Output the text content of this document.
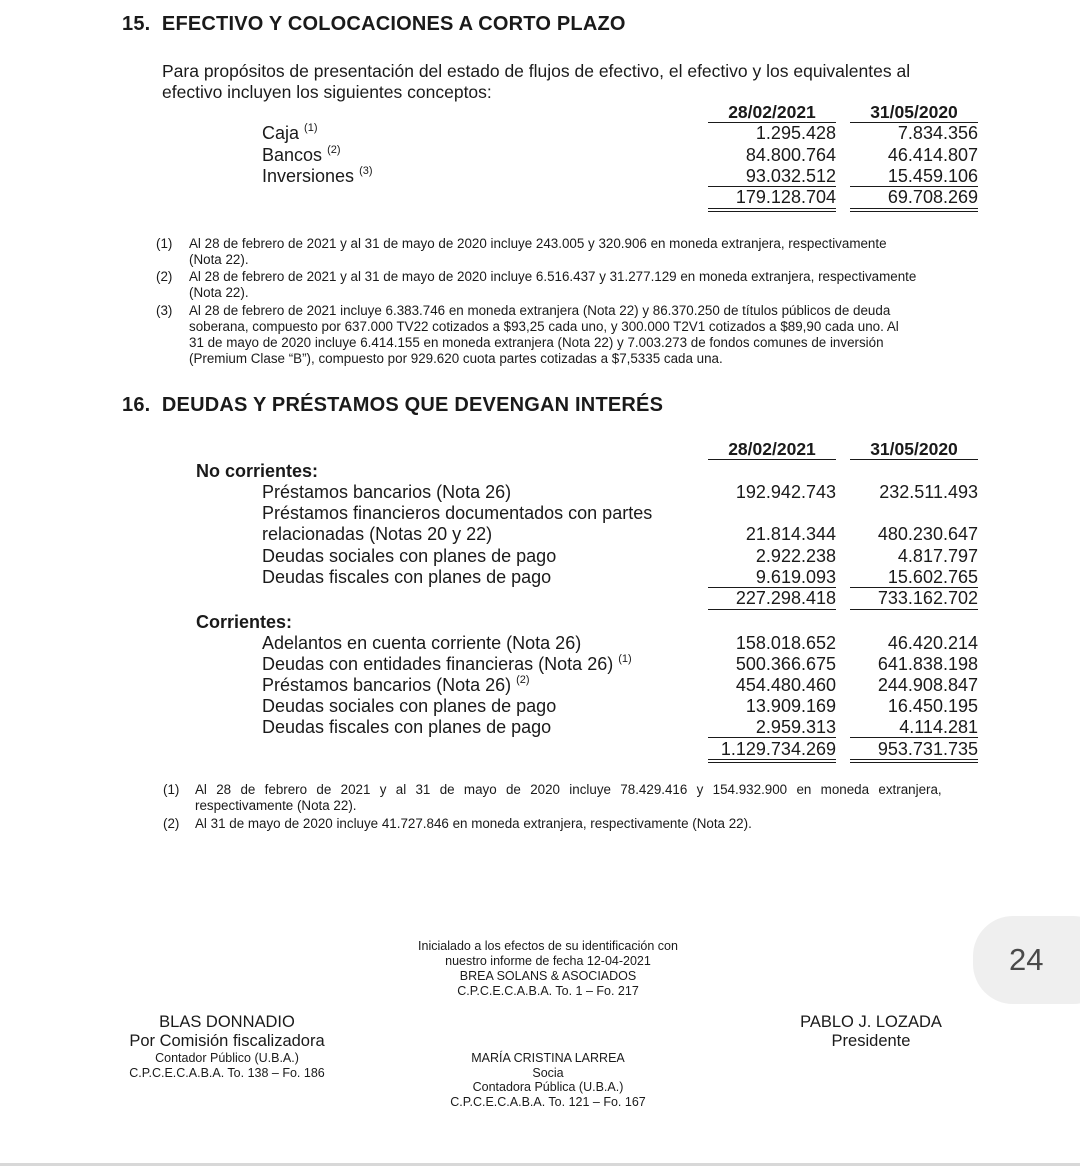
15.  EFECTIVO Y COLOCACIONES A CORTO PLAZO
Para propósitos de presentación del estado de flujos de efectivo, el efectivo y los equivalentes al
efectivo incluyen los siguientes conceptos:
28/02/2021	31/05/2020
Caja $^{(1)}$	1.295.428	7.834.356
Bancos $^{(2)}$	84.800.764	46.414.807
Inversiones $^{(3)}$	93.032.512	15.459.106
179.128.704	69.708.269
(1) Al 28 de febrero de 2021 y al 31 de mayo de 2020 incluye 243.005 y 320.906 en moneda extranjera, respectivamente
(Nota 22).
(2) Al 28 de febrero de 2021 y al 31 de mayo de 2020 incluye 6.516.437 y 31.277.129 en moneda extranjera, respectivamente
(Nota 22).
(3) Al 28 de febrero de 2021 incluye 6.383.746 en moneda extranjera (Nota 22) y 86.370.250 de títulos públicos de deuda
soberana, compuesto por 637.000 TV22 cotizados a $93,25 cada uno, y 300.000 T2V1 cotizados a $89,90 cada uno. Al
31 de mayo de 2020 incluye 6.414.155 en moneda extranjera (Nota 22) y 7.003.273 de fondos comunes de inversión
(Premium Clase “B”), compuesto por 929.620 cuota partes cotizadas a $7,5335 cada una.
16.  DEUDAS Y PRÉSTAMOS QUE DEVENGAN INTERÉS
28/02/2021	31/05/2020
No corrientes:
Préstamos bancarios (Nota 26)	192.942.743 232.511.493
Préstamos financieros documentados con partes
relacionadas (Notas 20 y 22)	21.814.344 480.230.647
Deudas sociales con planes de pago	2.922.238	4.817.797
Deudas fiscales con planes de pago	9.619.093	15.602.765
227.298.418 733.162.702
Corrientes:
Adelantos en cuenta corriente (Nota 26)	158.018.652	46.420.214
Deudas con entidades financieras (Nota 26) $^{(1)}$	500.366.675 641.838.198
Préstamos bancarios (Nota 26) $^{(2)}$	454.480.460 244.908.847
Deudas sociales con planes de pago	13.909.169	16.450.195
Deudas fiscales con planes de pago	2.959.313	4.114.281
1.129.734.269 953.731.735
(1) Al 28 de febrero de 2021 y al 31 de mayo de 2020 incluye 78.429.416 y 154.932.900 en moneda extranjera,
respectivamente (Nota 22).
(2) Al 31 de mayo de 2020 incluye 41.727.846 en moneda extranjera, respectivamente (Nota 22).
Inicialado a los efectos de su identificación con
nuestro informe de fecha 12-04-2021
BREA SOLANS & ASOCIADOS
C.P.C.E.C.A.B.A. To. 1 – Fo. 217
24
BLAS DONNADIO
Por Comisión fiscalizadora
Contador Público (U.B.A.)
C.P.C.E.C.A.B.A. To. 138 – Fo. 186
MARÍA CRISTINA LARREA
Socia
Contadora Pública (U.B.A.)
C.P.C.E.C.A.B.A. To. 121 – Fo. 167
PABLO J. LOZADA
Presidente
